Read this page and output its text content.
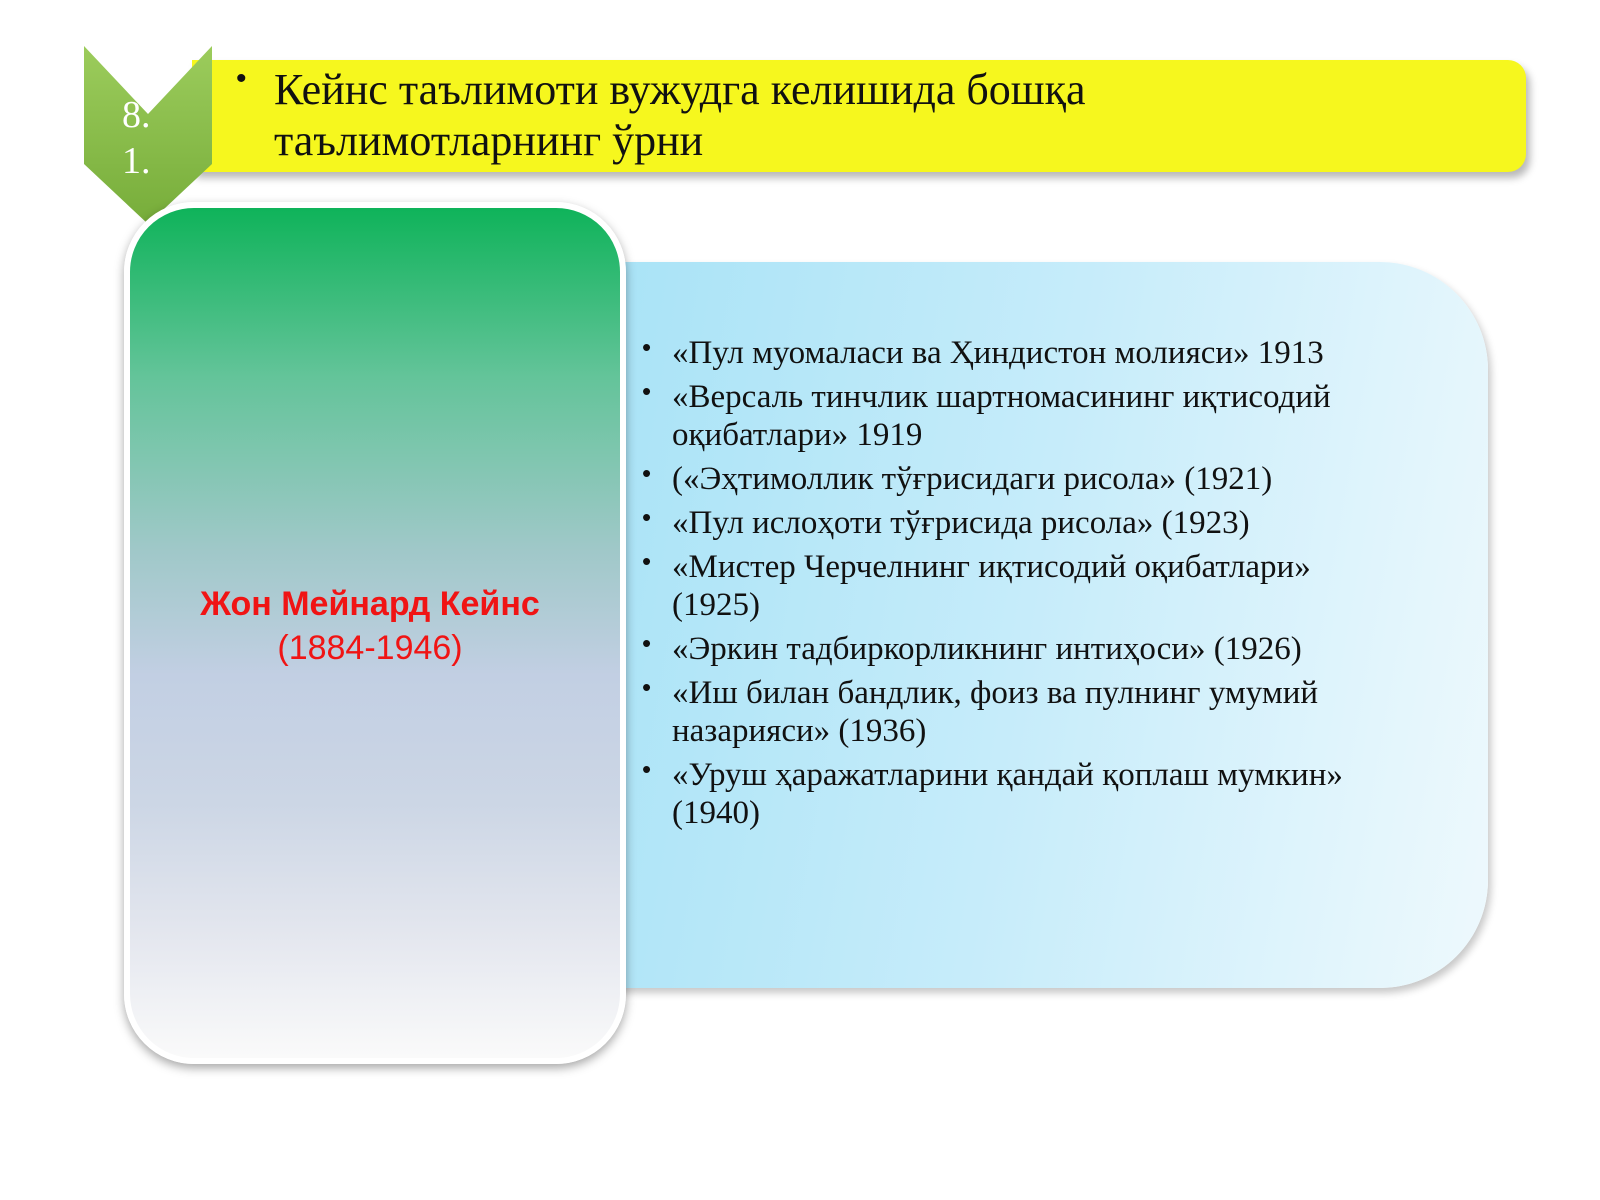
8.
1.
• Кейнс таълимоти вужудга келишида бошқа
таълимотларнинг ўрни
Жон Мейнард Кейнс
(1884-1946)
• «Пул муомаласи ва Ҳиндистон молияси» 1913
• «Версаль тинчлик шартномасининг иқтисодий оқибатлари» 1919
• («Эҳтимоллик тўғрисидаги рисола» (1921)
• «Пул ислоҳоти тўғрисида рисола» (1923)
• «Мистер Черчелнинг иқтисодий оқибатлари» (1925)
• «Эркин тадбиркорликнинг интиҳоси» (1926)
• «Иш билан бандлик, фоиз ва пулнинг умумий назарияси» (1936)
• «Уруш ҳаражатларини қандай қоплаш мумкин» (1940)
